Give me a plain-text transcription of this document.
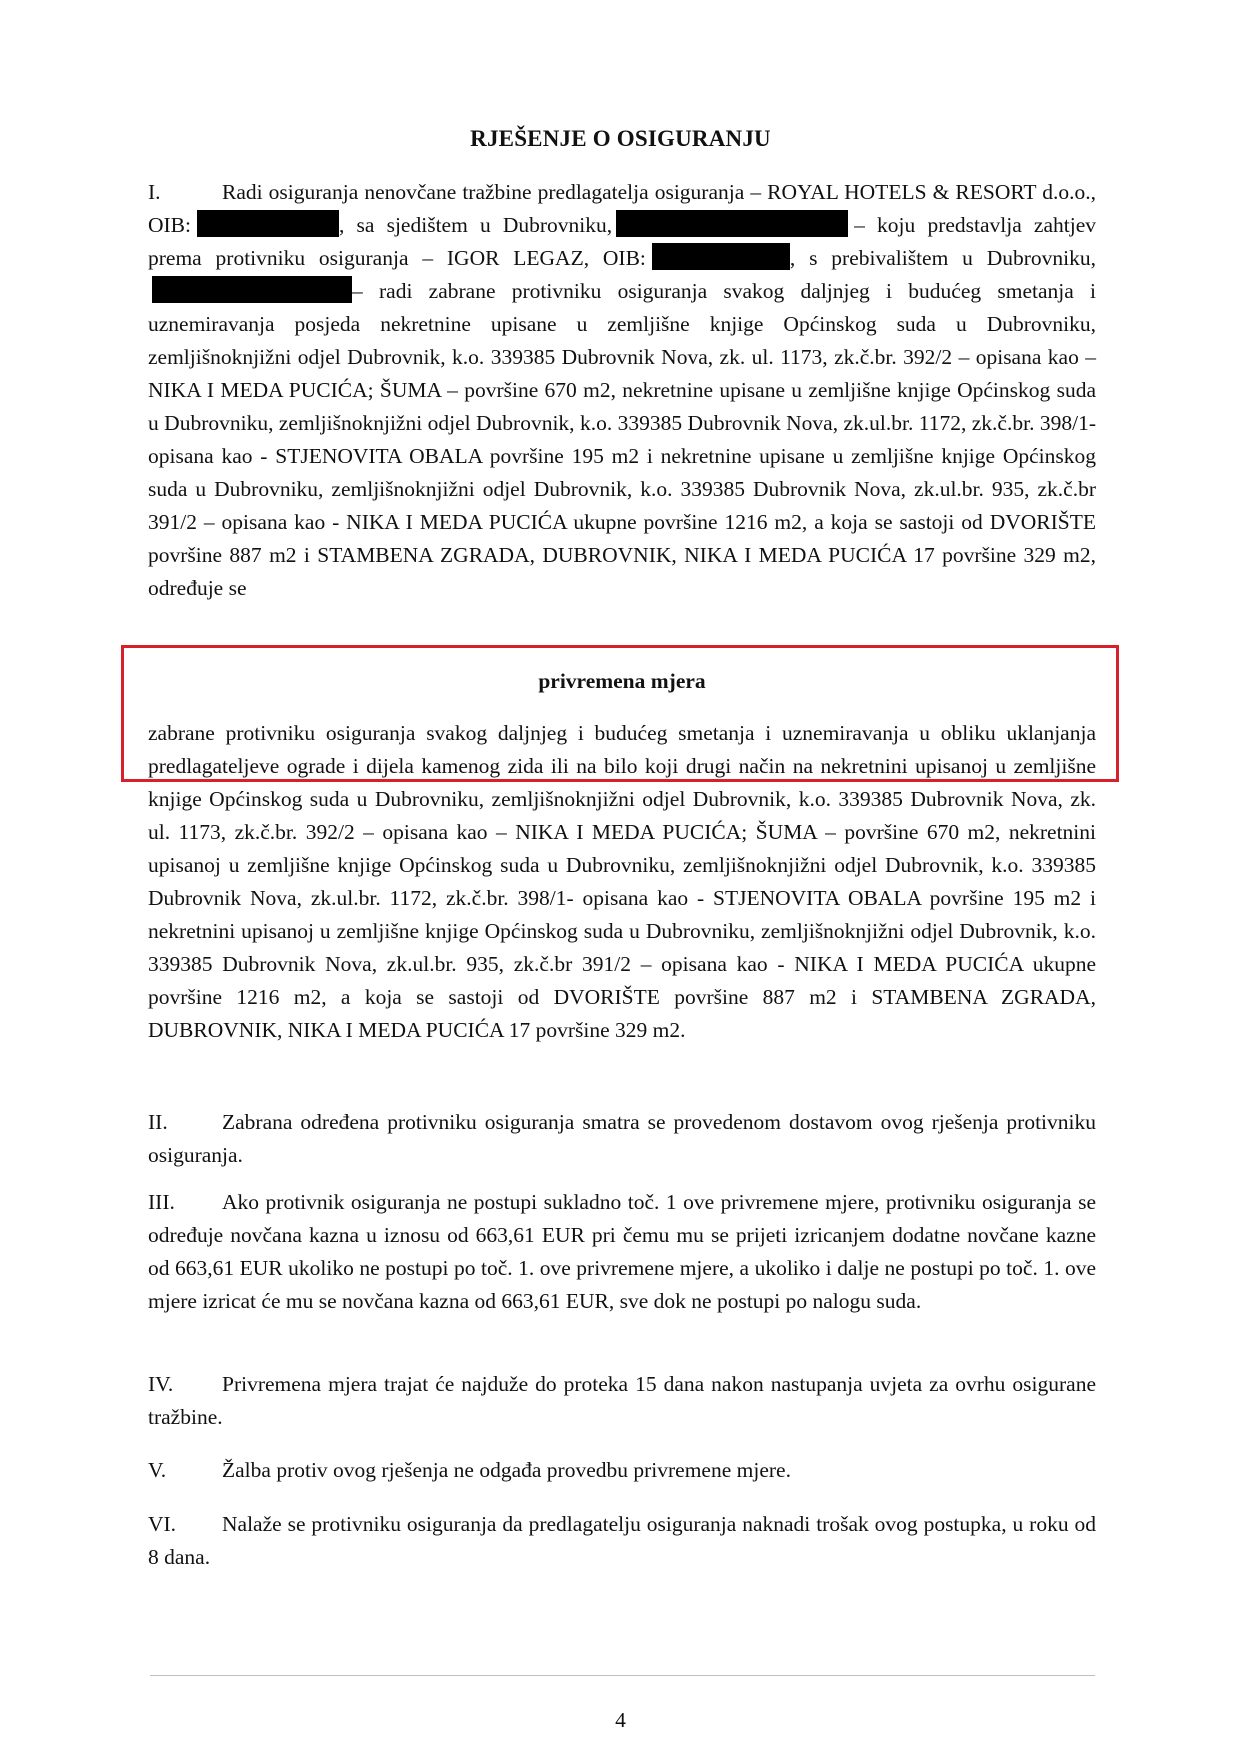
RJEŠENJE O OSIGURANJU
I.	Radi osiguranja nenovčane tražbine predlagatelja osiguranja – ROYAL HOTELS & RESORT d.o.o., OIB:	, sa sjedištem u Dubrovniku,	– koju predstavlja zahtjev prema protivniku osiguranja – IGOR LEGAZ, OIB:	, s prebivalištem u Dubrovniku,– radi zabrane protivniku osiguranja svakog daljnjeg i budućeg smetanja i uznemiravanja posjeda nekretnine upisane u zemljišne knjige Općinskog suda u Dubrovniku, zemljišnoknjižni odjel Dubrovnik, k.o. 339385 Dubrovnik Nova, zk. ul. 1173, zk.č.br. 392/2 – opisana kao – NIKA I MEDA PUCIĆA; ŠUMA – površine 670 m2, nekretnine upisane u zemljišne knjige Općinskog suda u Dubrovniku, zemljišnoknjižni odjel Dubrovnik, k.o. 339385 Dubrovnik Nova, zk.ul.br. 1172, zk.č.br. 398/1- opisana kao - STJENOVITA OBALA površine 195 m2 i nekretnine upisane u zemljišne knjige Općinskog suda u Dubrovniku, zemljišnoknjižni odjel Dubrovnik, k.o. 339385 Dubrovnik Nova, zk.ul.br. 935, zk.č.br 391/2 – opisana kao - NIKA I MEDA PUCIĆA ukupne površine 1216 m2, a koja se sastoji od DVORIŠTE površine 887 m2 i STAMBENA ZGRADA, DUBROVNIK, NIKA I MEDA PUCIĆA 17 površine 329 m2, određuje se
privremena mjera
zabrane protivniku osiguranja svakog daljnjeg i budućeg smetanja i uznemiravanja u obliku uklanjanja predlagateljeve ograde i dijela kamenog zida ili na bilo koji drugi način na nekretnini upisanoj u zemljišne knjige Općinskog suda u Dubrovniku, zemljišnoknjižni odjel Dubrovnik, k.o. 339385 Dubrovnik Nova, zk. ul. 1173, zk.č.br. 392/2 – opisana kao – NIKA I MEDA PUCIĆA; ŠUMA – površine 670 m2, nekretnini upisanoj u zemljišne knjige Općinskog suda u Dubrovniku, zemljišnoknjižni odjel Dubrovnik, k.o. 339385 Dubrovnik Nova, zk.ul.br. 1172, zk.č.br. 398/1- opisana kao - STJENOVITA OBALA površine 195 m2 i nekretnini upisanoj u zemljišne knjige Općinskog suda u Dubrovniku, zemljišnoknjižni odjel Dubrovnik, k.o. 339385 Dubrovnik Nova, zk.ul.br. 935, zk.č.br 391/2 – opisana kao - NIKA I MEDA PUCIĆA ukupne površine 1216 m2, a koja se sastoji od DVORIŠTE površine 887 m2 i STAMBENA ZGRADA, DUBROVNIK, NIKA I MEDA PUCIĆA 17 površine 329 m2.
II.	Zabrana određena protivniku osiguranja smatra se provedenom dostavom ovog rješenja protivniku osiguranja.
III. Ako protivnik osiguranja ne postupi sukladno toč. 1 ove privremene mjere, protivniku osiguranja se određuje novčana kazna u iznosu od 663,61 EUR pri čemu mu se prijeti izricanjem dodatne novčane kazne od 663,61 EUR ukoliko ne postupi po toč. 1. ove privremene mjere, a ukoliko i dalje ne postupi po toč. 1. ove mjere izricat će mu se novčana kazna od 663,61 EUR, sve dok ne postupi po nalogu suda.
IV. Privremena mjera trajat će najduže do proteka 15 dana nakon nastupanja uvjeta za ovrhu osigurane tražbine.
V.	Žalba protiv ovog rješenja ne odgađa provedbu privremene mjere.
VI. Nalaže se protivniku osiguranja da predlagatelju osiguranja naknadi trošak ovog postupka, u roku od 8 dana.
4
